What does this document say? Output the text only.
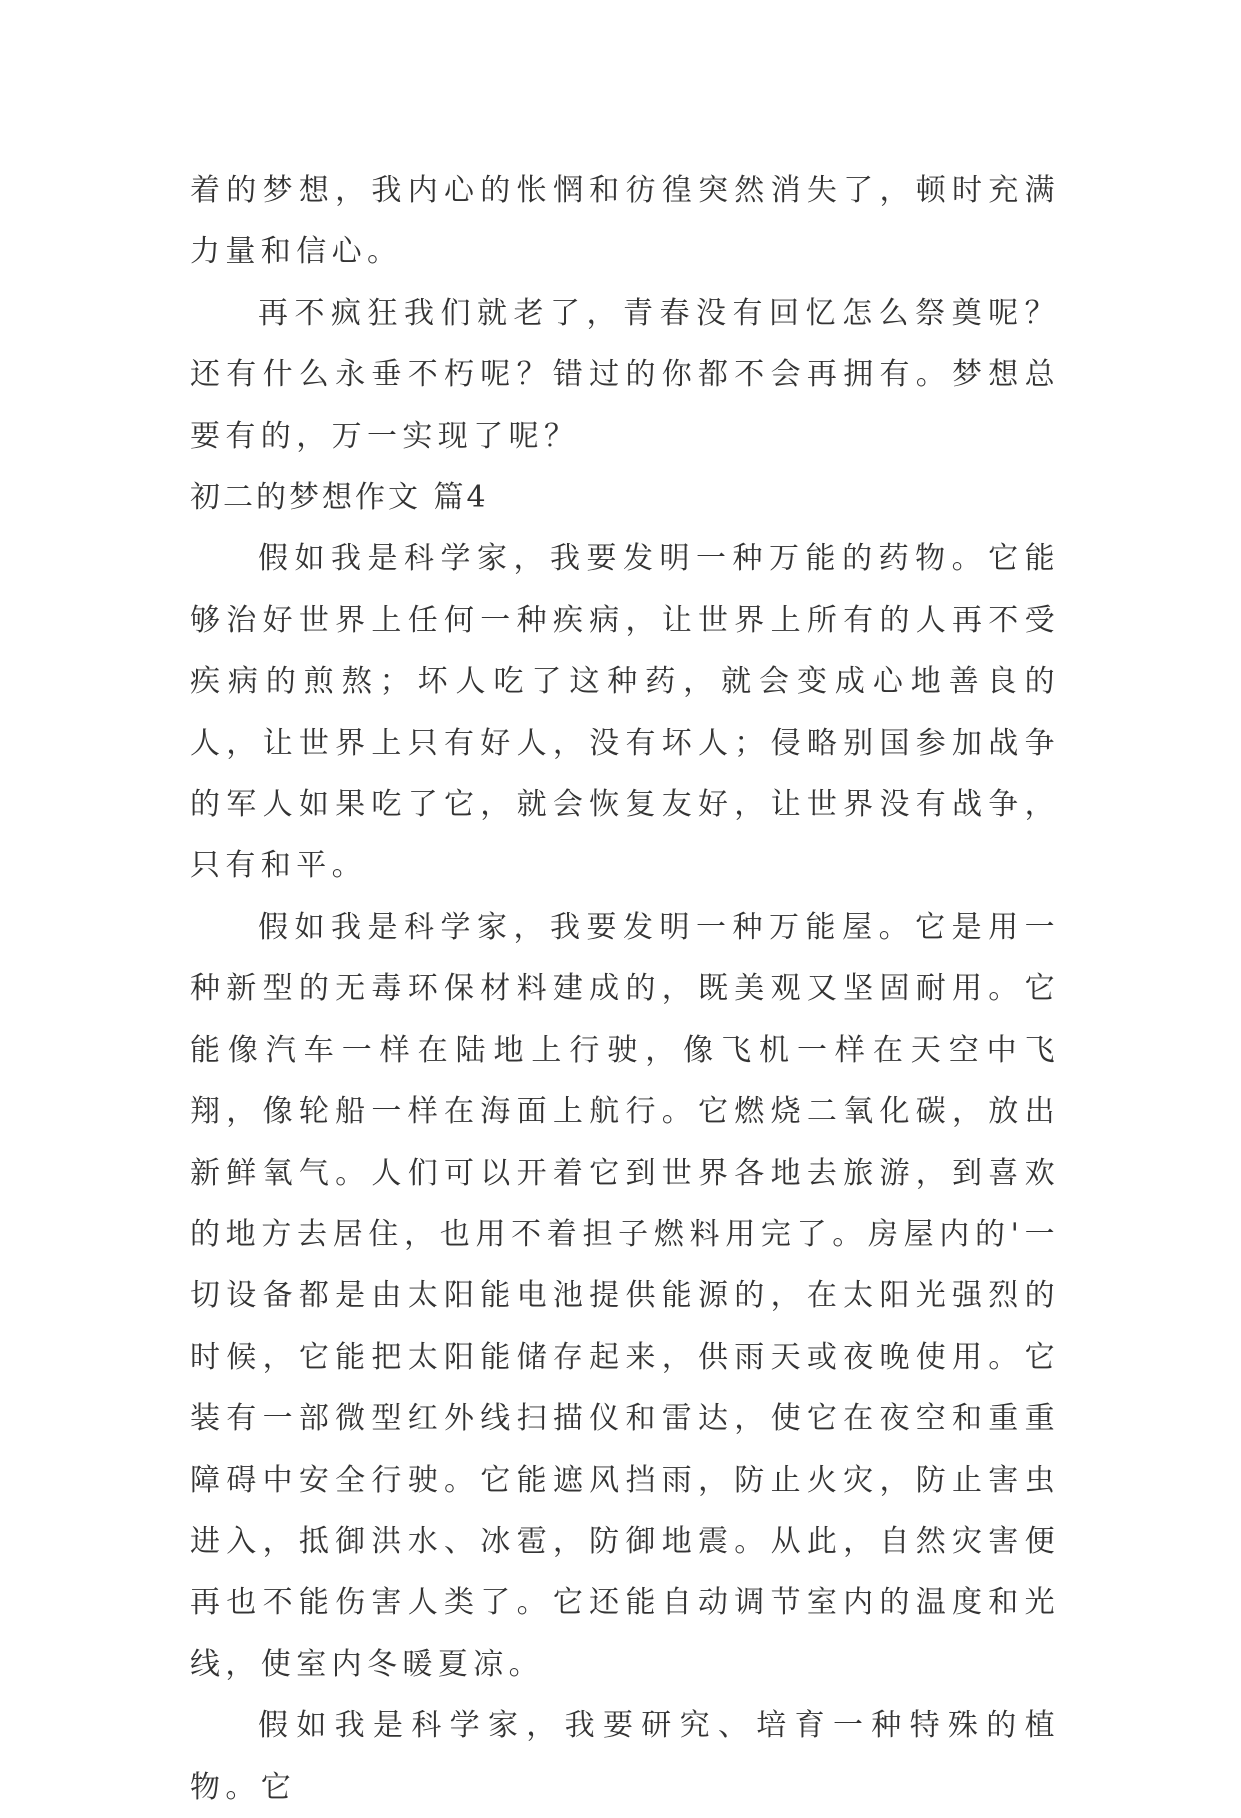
着的梦想，我内心的怅惘和彷徨突然消失了，顿时充满力量和信心。

再不疯狂我们就老了，青春没有回忆怎么祭奠呢？还有什么永垂不朽呢？错过的你都不会再拥有。梦想总要有的，万一实现了呢？

初二的梦想作文 篇4

假如我是科学家，我要发明一种万能的药物。它能够治好世界上任何一种疾病，让世界上所有的人再不受疾病的煎熬；坏人吃了这种药，就会变成心地善良的人，让世界上只有好人，没有坏人；侵略别国参加战争的军人如果吃了它，就会恢复友好，让世界没有战争，只有和平。

假如我是科学家，我要发明一种万能屋。它是用一种新型的无毒环保材料建成的，既美观又坚固耐用。它能像汽车一样在陆地上行驶，像飞机一样在天空中飞翔，像轮船一样在海面上航行。它燃烧二氧化碳，放出新鲜氧气。人们可以开着它到世界各地去旅游，到喜欢的地方去居住，也用不着担子燃料用完了。房屋内的'一切设备都是由太阳能电池提供能源的，在太阳光强烈的时候，它能把太阳能储存起来，供雨天或夜晚使用。它装有一部微型红外线扫描仪和雷达，使它在夜空和重重障碍中安全行驶。它能遮风挡雨，防止火灾，防止害虫进入，抵御洪水、冰雹，防御地震。从此，自然灾害便再也不能伤害人类了。它还能自动调节室内的温度和光线，使室内冬暖夏凉。

假如我是科学家，我要研究、培育一种特殊的植物。它
